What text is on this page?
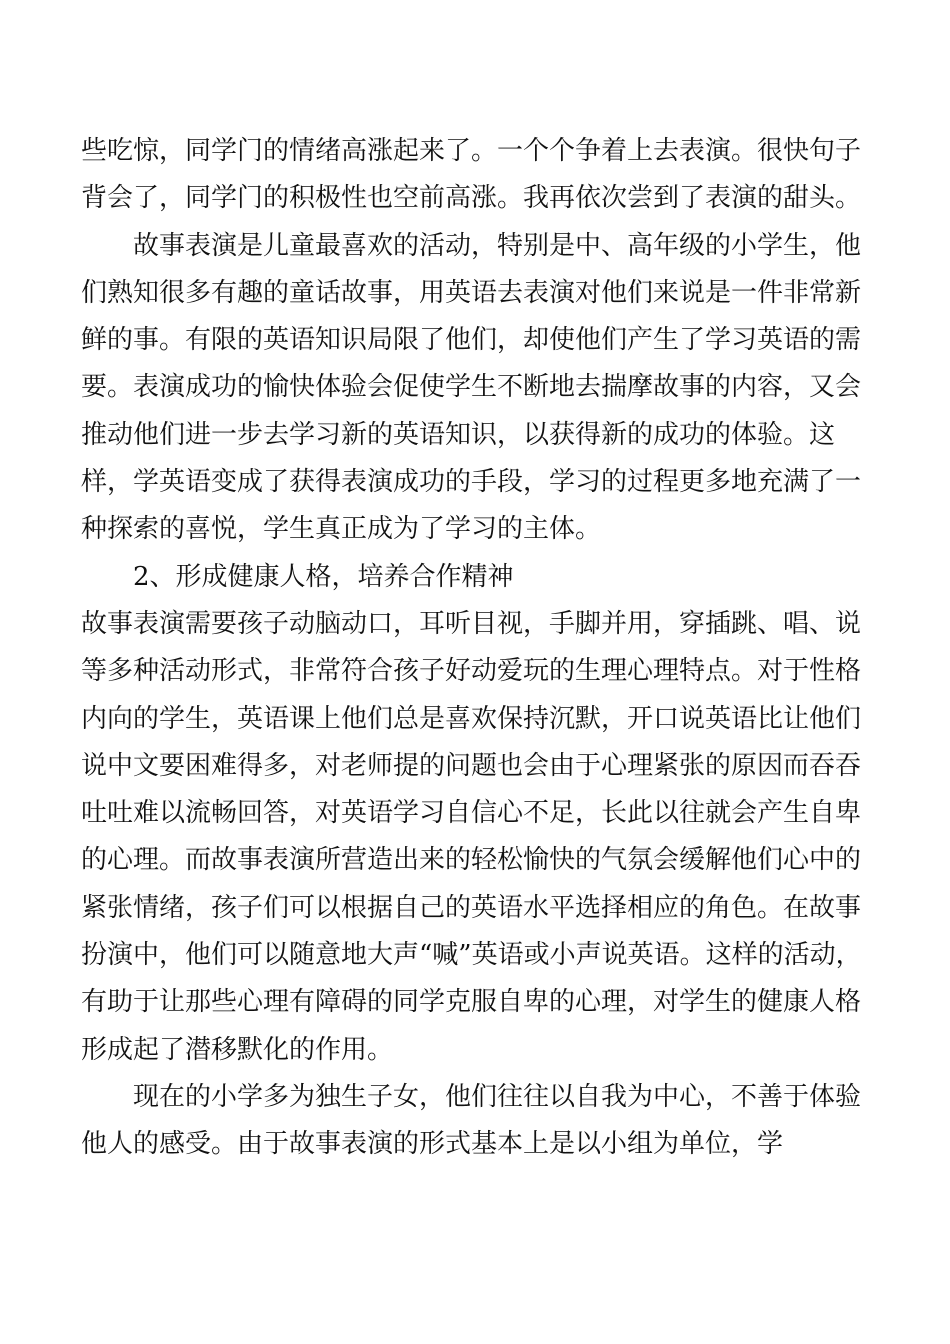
些吃惊，同学门的情绪高涨起来了。一个个争着上去表演。很快句子背会了，同学门的积极性也空前高涨。我再依次尝到了表演的甜头。

故事表演是儿童最喜欢的活动，特别是中、高年级的小学生，他们熟知很多有趣的童话故事，用英语去表演对他们来说是一件非常新鲜的事。有限的英语知识局限了他们，却使他们产生了学习英语的需要。表演成功的愉快体验会促使学生不断地去揣摩故事的内容，又会推动他们进一步去学习新的英语知识，以获得新的成功的体验。这样，学英语变成了获得表演成功的手段，学习的过程更多地充满了一种探索的喜悦，学生真正成为了学习的主体。

2、形成健康人格，培养合作精神

故事表演需要孩子动脑动口，耳听目视，手脚并用，穿插跳、唱、说等多种活动形式，非常符合孩子好动爱玩的生理心理特点。对于性格内向的学生，英语课上他们总是喜欢保持沉默，开口说英语比让他们说中文要困难得多，对老师提的问题也会由于心理紧张的原因而吞吞吐吐难以流畅回答，对英语学习自信心不足，长此以往就会产生自卑的心理。而故事表演所营造出来的轻松愉快的气氛会缓解他们心中的紧张情绪，孩子们可以根据自己的英语水平选择相应的角色。在故事扮演中，他们可以随意地大声“喊”英语或小声说英语。这样的活动，有助于让那些心理有障碍的同学克服自卑的心理，对学生的健康人格形成起了潜移默化的作用。

现在的小学多为独生子女，他们往往以自我为中心，不善于体验他人的感受。由于故事表演的形式基本上是以小组为单位，学
